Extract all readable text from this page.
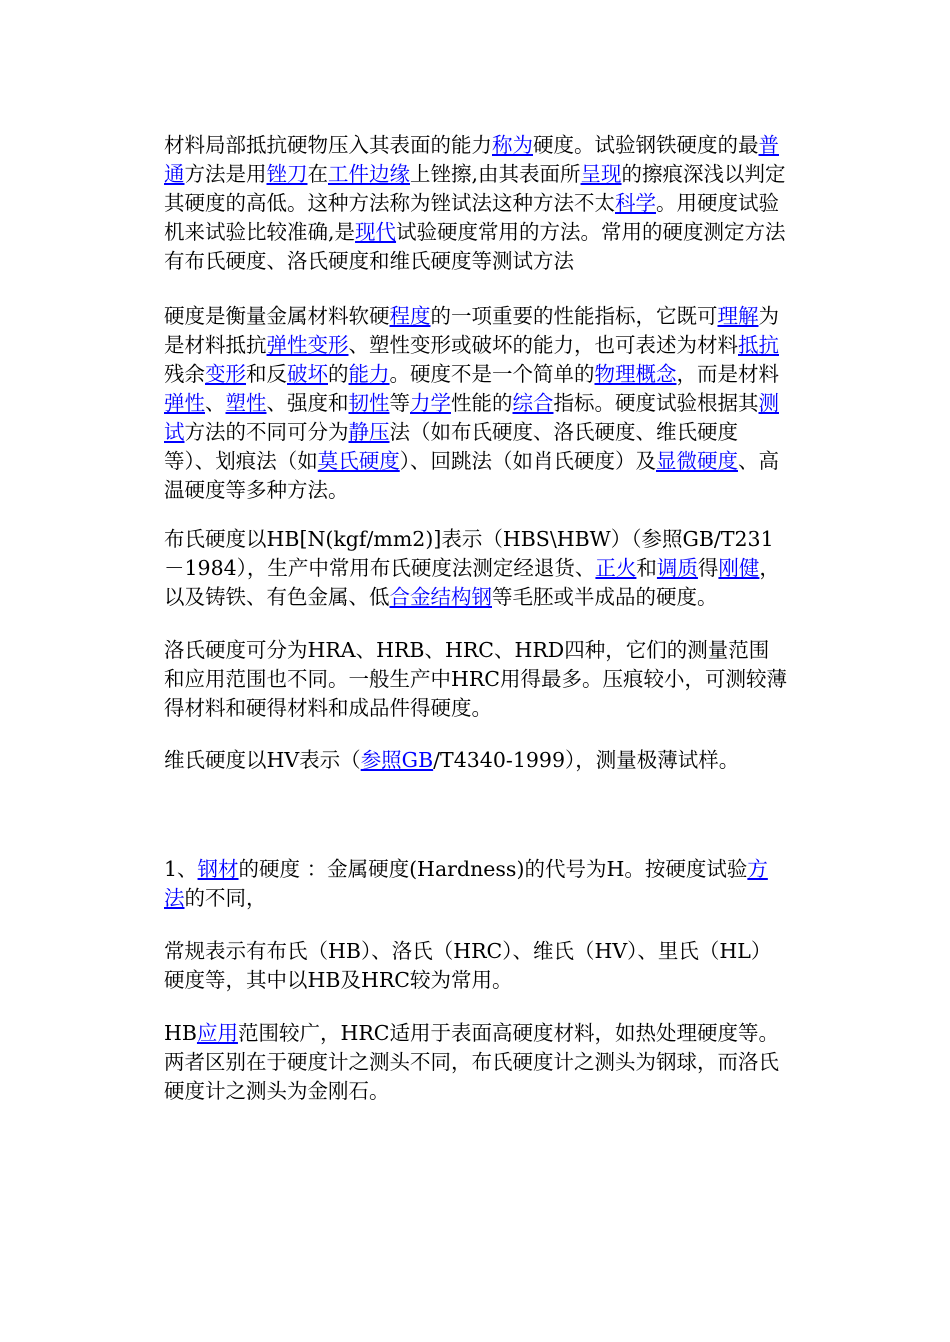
材料局部抵抗硬物压入其表面的能力称为硬度。试验钢铁硬度的最普通方法是用锉刀在工件边缘上锉擦,由其表面所呈现的擦痕深浅以判定其硬度的高低。这种方法称为锉试法这种方法不太科学。用硬度试验机来试验比较准确,是现代试验硬度常用的方法。常用的硬度测定方法有布氏硬度、洛氏硬度和维氏硬度等测试方法

硬度是衡量金属材料软硬程度的一项重要的性能指标，它既可理解为是材料抵抗弹性变形、塑性变形或破坏的能力，也可表述为材料抵抗残余变形和反破坏的能力。硬度不是一个简单的物理概念，而是材料弹性、塑性、强度和韧性等力学性能的综合指标。硬度试验根据其测试方法的不同可分为静压法（如布氏硬度、洛氏硬度、维氏硬度等）、划痕法（如莫氏硬度）、回跳法（如肖氏硬度）及显微硬度、高温硬度等多种方法。

布氏硬度以HB[N(kgf/mm2)]表示（HBS\HBW）（参照GB/T231－1984），生产中常用布氏硬度法测定经退货、正火和调质得刚健，以及铸铁、有色金属、低合金结构钢等毛胚或半成品的硬度。

洛氏硬度可分为HRA、HRB、HRC、HRD四种，它们的测量范围和应用范围也不同。一般生产中HRC用得最多。压痕较小，可测较薄得材料和硬得材料和成品件得硬度。

维氏硬度以HV表示（参照GB/T4340-1999），测量极薄试样。

1、钢材的硬度 ：金属硬度(Hardness)的代号为H。按硬度试验方法的不同，

常规表示有布氏（HB）、洛氏（HRC）、维氏（HV）、里氏（HL）硬度等，其中以HB及HRC较为常用。

HB应用范围较广，HRC适用于表面高硬度材料，如热处理硬度等。两者区别在于硬度计之测头不同，布氏硬度计之测头为钢球，而洛氏硬度计之测头为金刚石。
